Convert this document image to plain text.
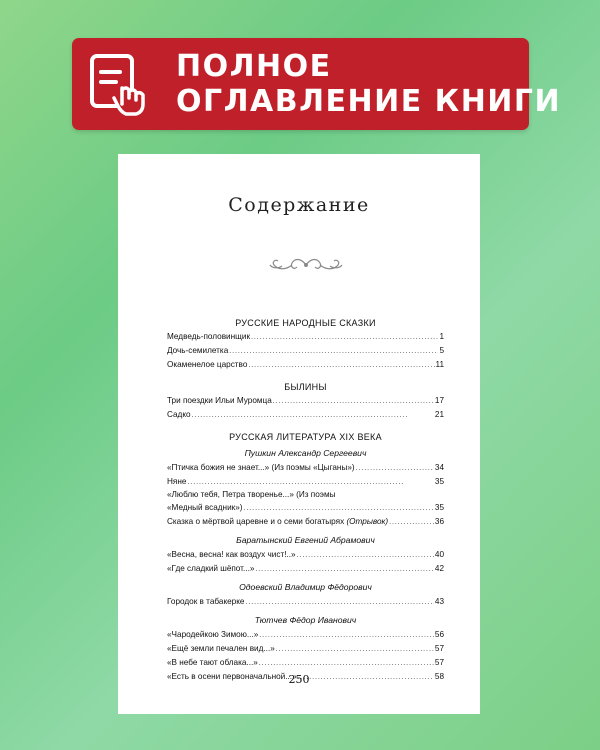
ПОЛНОЕ
ОГЛАВЛЕНИЕ КНИГИ
Содержание
РУССКИЕ НАРОДНЫЕ СКАЗКИ
Медведь-половинщик . . .	1
Дочь-семилетка . . .	5
Окаменелое царство . . .	11
БЫЛИНЫ
Три поездки Ильи Муромца . . .	17
Садко . . .	21
РУССКАЯ ЛИТЕРАТУРА XIX ВЕКА
Пушкин Александр Сергеевич
«Птичка божия не знает...» (Из поэмы «Цыганы») . . .	34
Няне . . .	35
«Люблю тебя, Петра творенье...» (Из поэмы
«Медный всадник») . . .	35
Сказка о мёртвой царевне и о семи богатырях
(Отрывок) . . .	36
Баратынский Евгений Абрамович
«Весна, весна! как воздух чист!..» . . .	40
«Где сладкий шёпот...» . . .	42
Одоевский Владимир Фёдорович
Городок в табакерке . . .	43
Тютчев Фёдор Иванович
«Чародейкою Зимою...» . . .	56
«Ещё земли печален вид...» . . .	57
«В небе тают облака...» . . .	57
«Есть в осени первоначальной...» . . .	58
250
